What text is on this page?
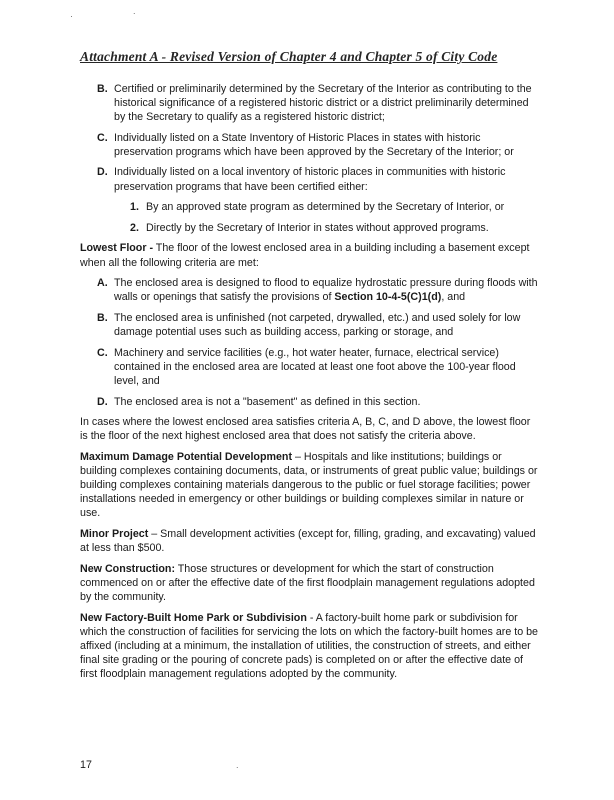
·	.
Attachment A - Revised Version of Chapter 4 and Chapter 5 of City Code
B. Certified or preliminarily determined by the Secretary of the Interior as contributing to the historical significance of a registered historic district or a district preliminarily determined by the Secretary to qualify as a registered historic district;
C. Individually listed on a State Inventory of Historic Places in states with historic preservation programs which have been approved by the Secretary of the Interior; or
D. Individually listed on a local inventory of historic places in communities with historic preservation programs that have been certified either:
1. By an approved state program as determined by the Secretary of Interior, or
2. Directly by the Secretary of Interior in states without approved programs.

Lowest Floor - The floor of the lowest enclosed area in a building including a basement except when all the following criteria are met:

A. The enclosed area is designed to flood to equalize hydrostatic pressure during floods with walls or openings that satisfy the provisions of Section 10-4-5(C)1(d), and
B. The enclosed area is unfinished (not carpeted, drywalled, etc.) and used solely for low damage potential uses such as building access, parking or storage, and
C. Machinery and service facilities (e.g., hot water heater, furnace, electrical service) contained in the enclosed area are located at least one foot above the 100-year flood level, and
D. The enclosed area is not a "basement" as defined in this section.

In cases where the lowest enclosed area satisfies criteria A, B, C, and D above, the lowest floor is the floor of the next highest enclosed area that does not satisfy the criteria above.

Maximum Damage Potential Development – Hospitals and like institutions; buildings or building complexes containing documents, data, or instruments of great public value; buildings or building complexes containing materials dangerous to the public or fuel storage facilities; power installations needed in emergency or other buildings or building complexes similar in nature or use.

Minor Project – Small development activities (except for, filling, grading, and excavating) valued at less than $500.

New Construction: Those structures or development for which the start of construction commenced on or after the effective date of the first floodplain management regulations adopted by the community.

New Factory-Built Home Park or Subdivision - A factory-built home park or subdivision for which the construction of facilities for servicing the lots on which the factory-built homes are to be affixed (including at a minimum, the installation of utilities, the construction of streets, and either final site grading or the pouring of concrete pads) is completed on or after the effective date of first floodplain management regulations adopted by the community.

17	.
